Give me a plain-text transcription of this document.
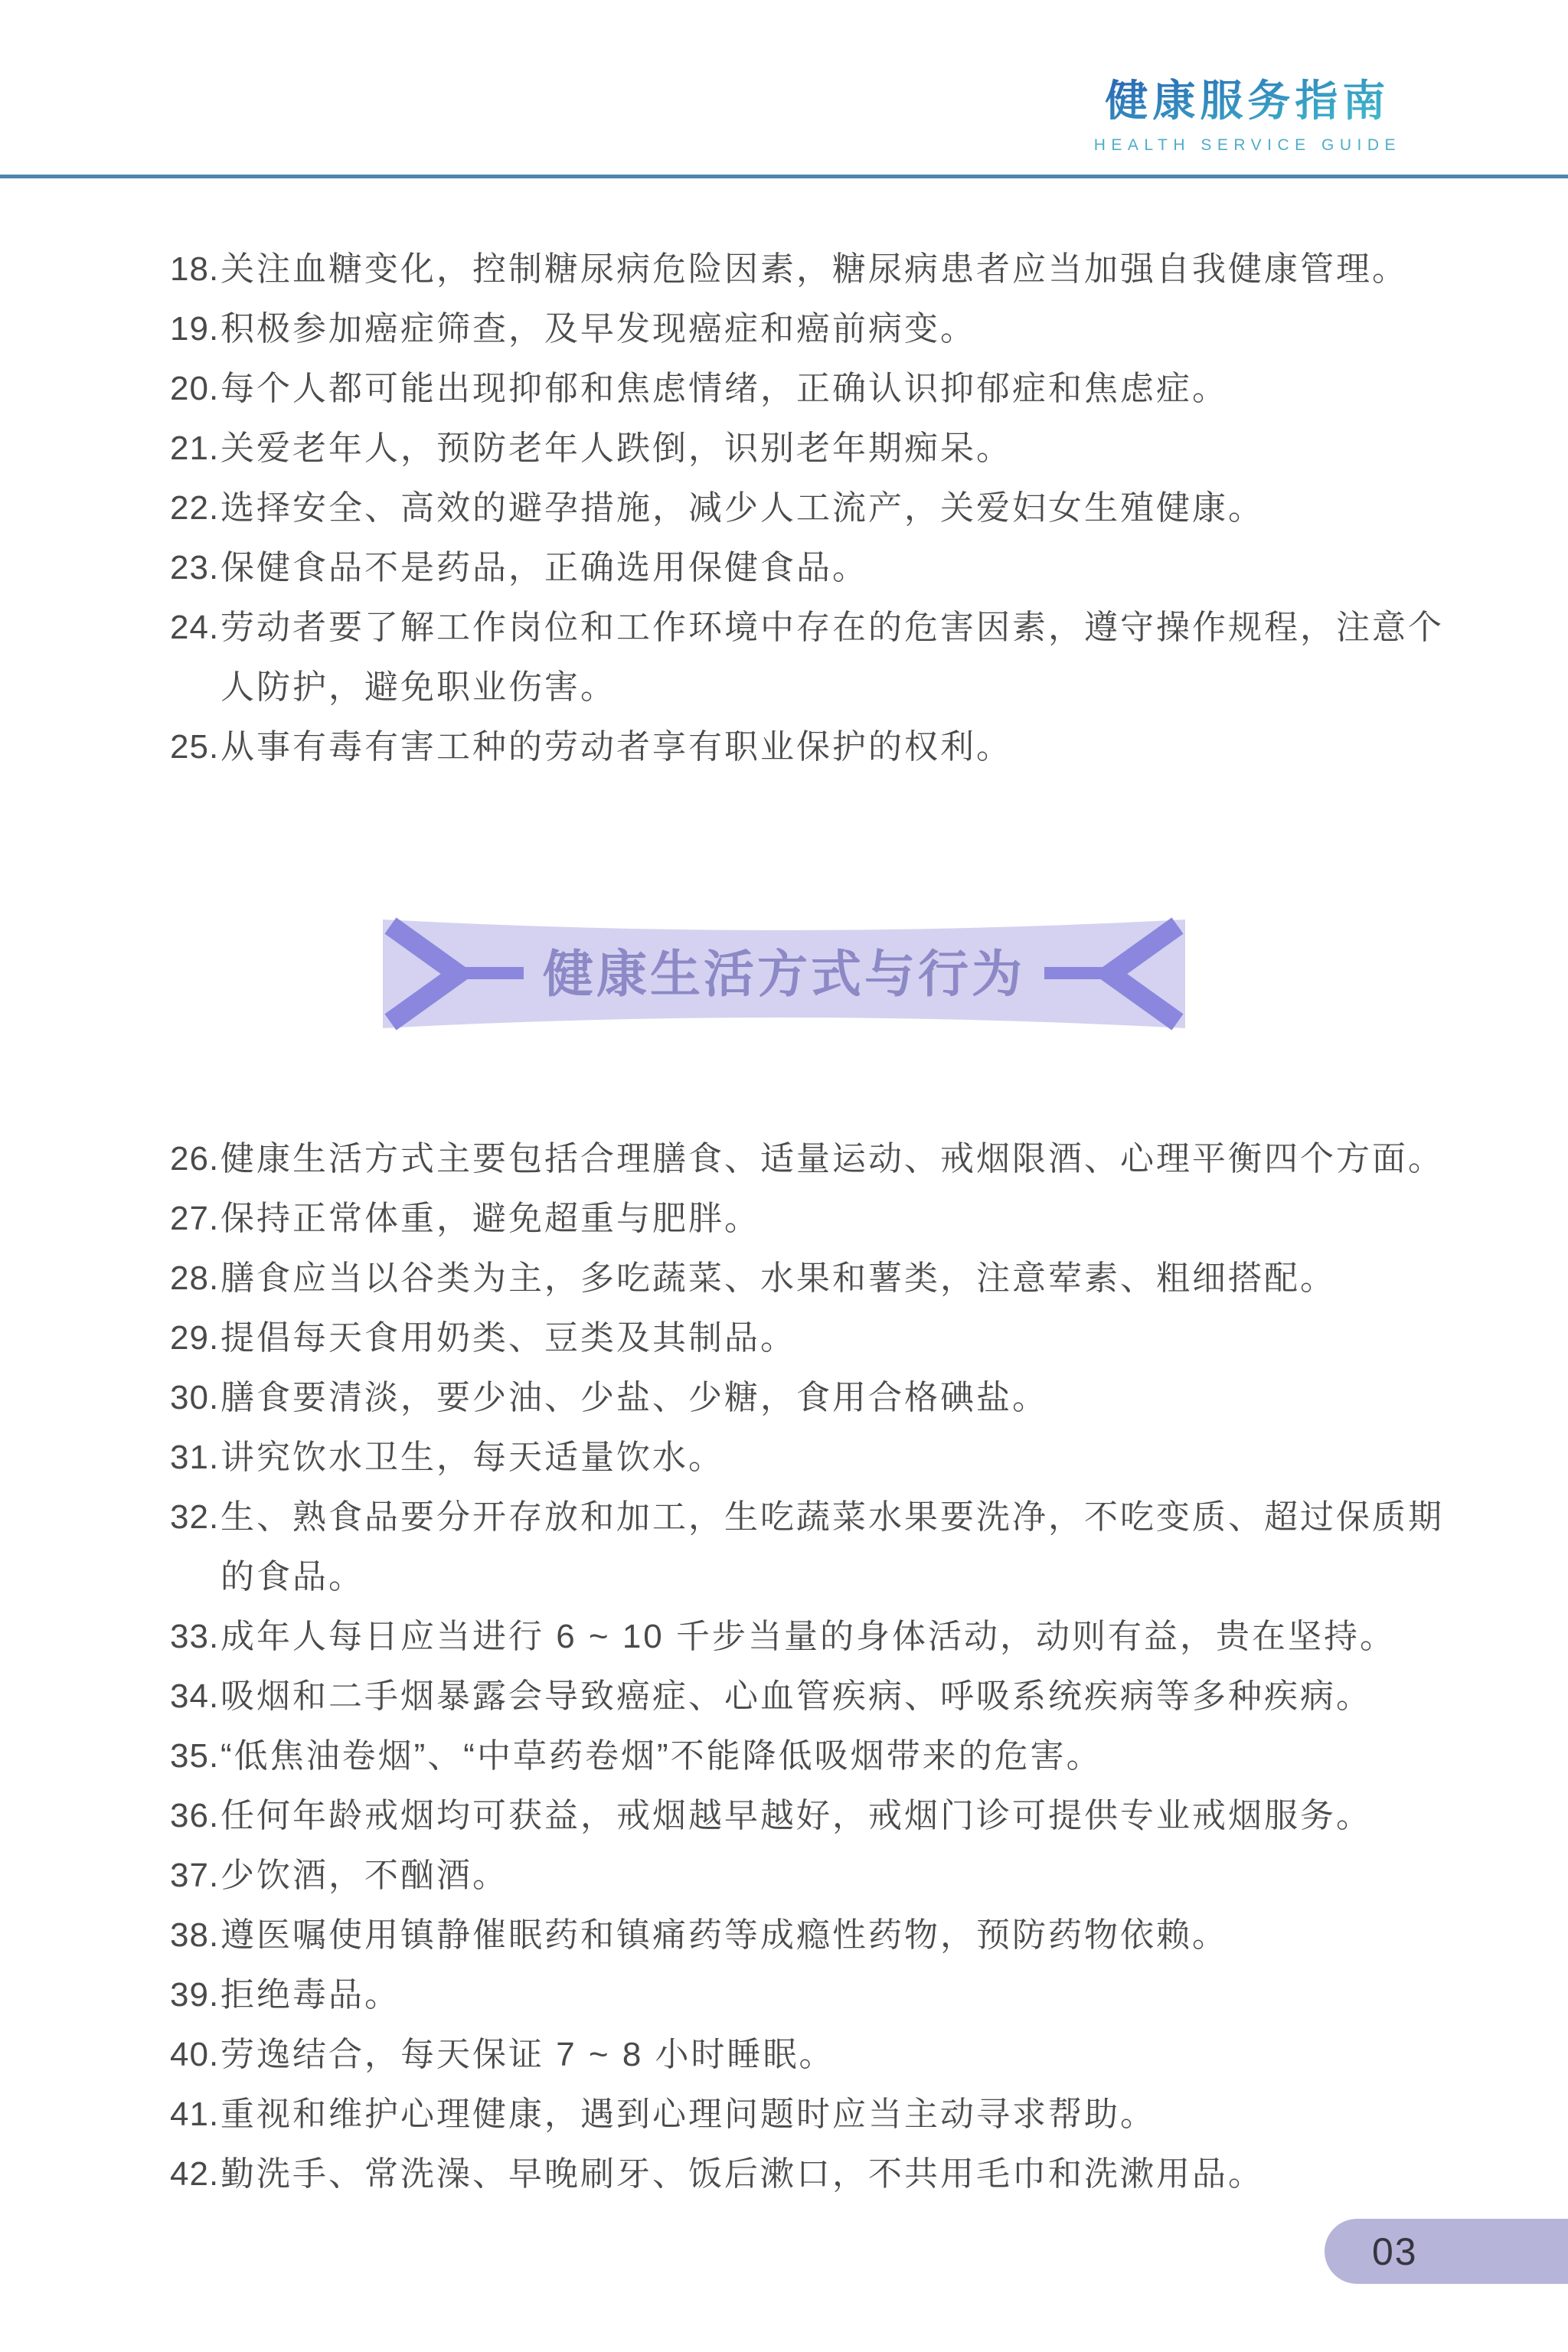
健康服务指南
HEALTH SERVICE GUIDE
18. 关注血糖变化，控制糖尿病危险因素，糖尿病患者应当加强自我健康管理。
19. 积极参加癌症筛查，及早发现癌症和癌前病变。
20. 每个人都可能出现抑郁和焦虑情绪，正确认识抑郁症和焦虑症。
21. 关爱老年人，预防老年人跌倒，识别老年期痴呆。
22. 选择安全、高效的避孕措施，减少人工流产，关爱妇女生殖健康。
23. 保健食品不是药品，正确选用保健食品。
24. 劳动者要了解工作岗位和工作环境中存在的危害因素，遵守操作规程，注意个人防护，避免职业伤害。
25. 从事有毒有害工种的劳动者享有职业保护的权利。
健康生活方式与行为
26. 健康生活方式主要包括合理膳食、适量运动、戒烟限酒、心理平衡四个方面。
27. 保持正常体重，避免超重与肥胖。
28. 膳食应当以谷类为主，多吃蔬菜、水果和薯类，注意荤素、粗细搭配。
29. 提倡每天食用奶类、豆类及其制品。
30. 膳食要清淡，要少油、少盐、少糖，食用合格碘盐。
31. 讲究饮水卫生，每天适量饮水。
32. 生、熟食品要分开存放和加工，生吃蔬菜水果要洗净，不吃变质、超过保质期的食品。
33. 成年人每日应当进行 6 ~ 10 千步当量的身体活动，动则有益，贵在坚持。
34. 吸烟和二手烟暴露会导致癌症、心血管疾病、呼吸系统疾病等多种疾病。
35. “低焦油卷烟”、“中草药卷烟”不能降低吸烟带来的危害。
36. 任何年龄戒烟均可获益，戒烟越早越好，戒烟门诊可提供专业戒烟服务。
37. 少饮酒，不酗酒。
38. 遵医嘱使用镇静催眠药和镇痛药等成瘾性药物，预防药物依赖。
39. 拒绝毒品。
40. 劳逸结合，每天保证 7 ~ 8 小时睡眠。
41. 重视和维护心理健康，遇到心理问题时应当主动寻求帮助。
42. 勤洗手、常洗澡、早晚刷牙、饭后漱口，不共用毛巾和洗漱用品。
03
